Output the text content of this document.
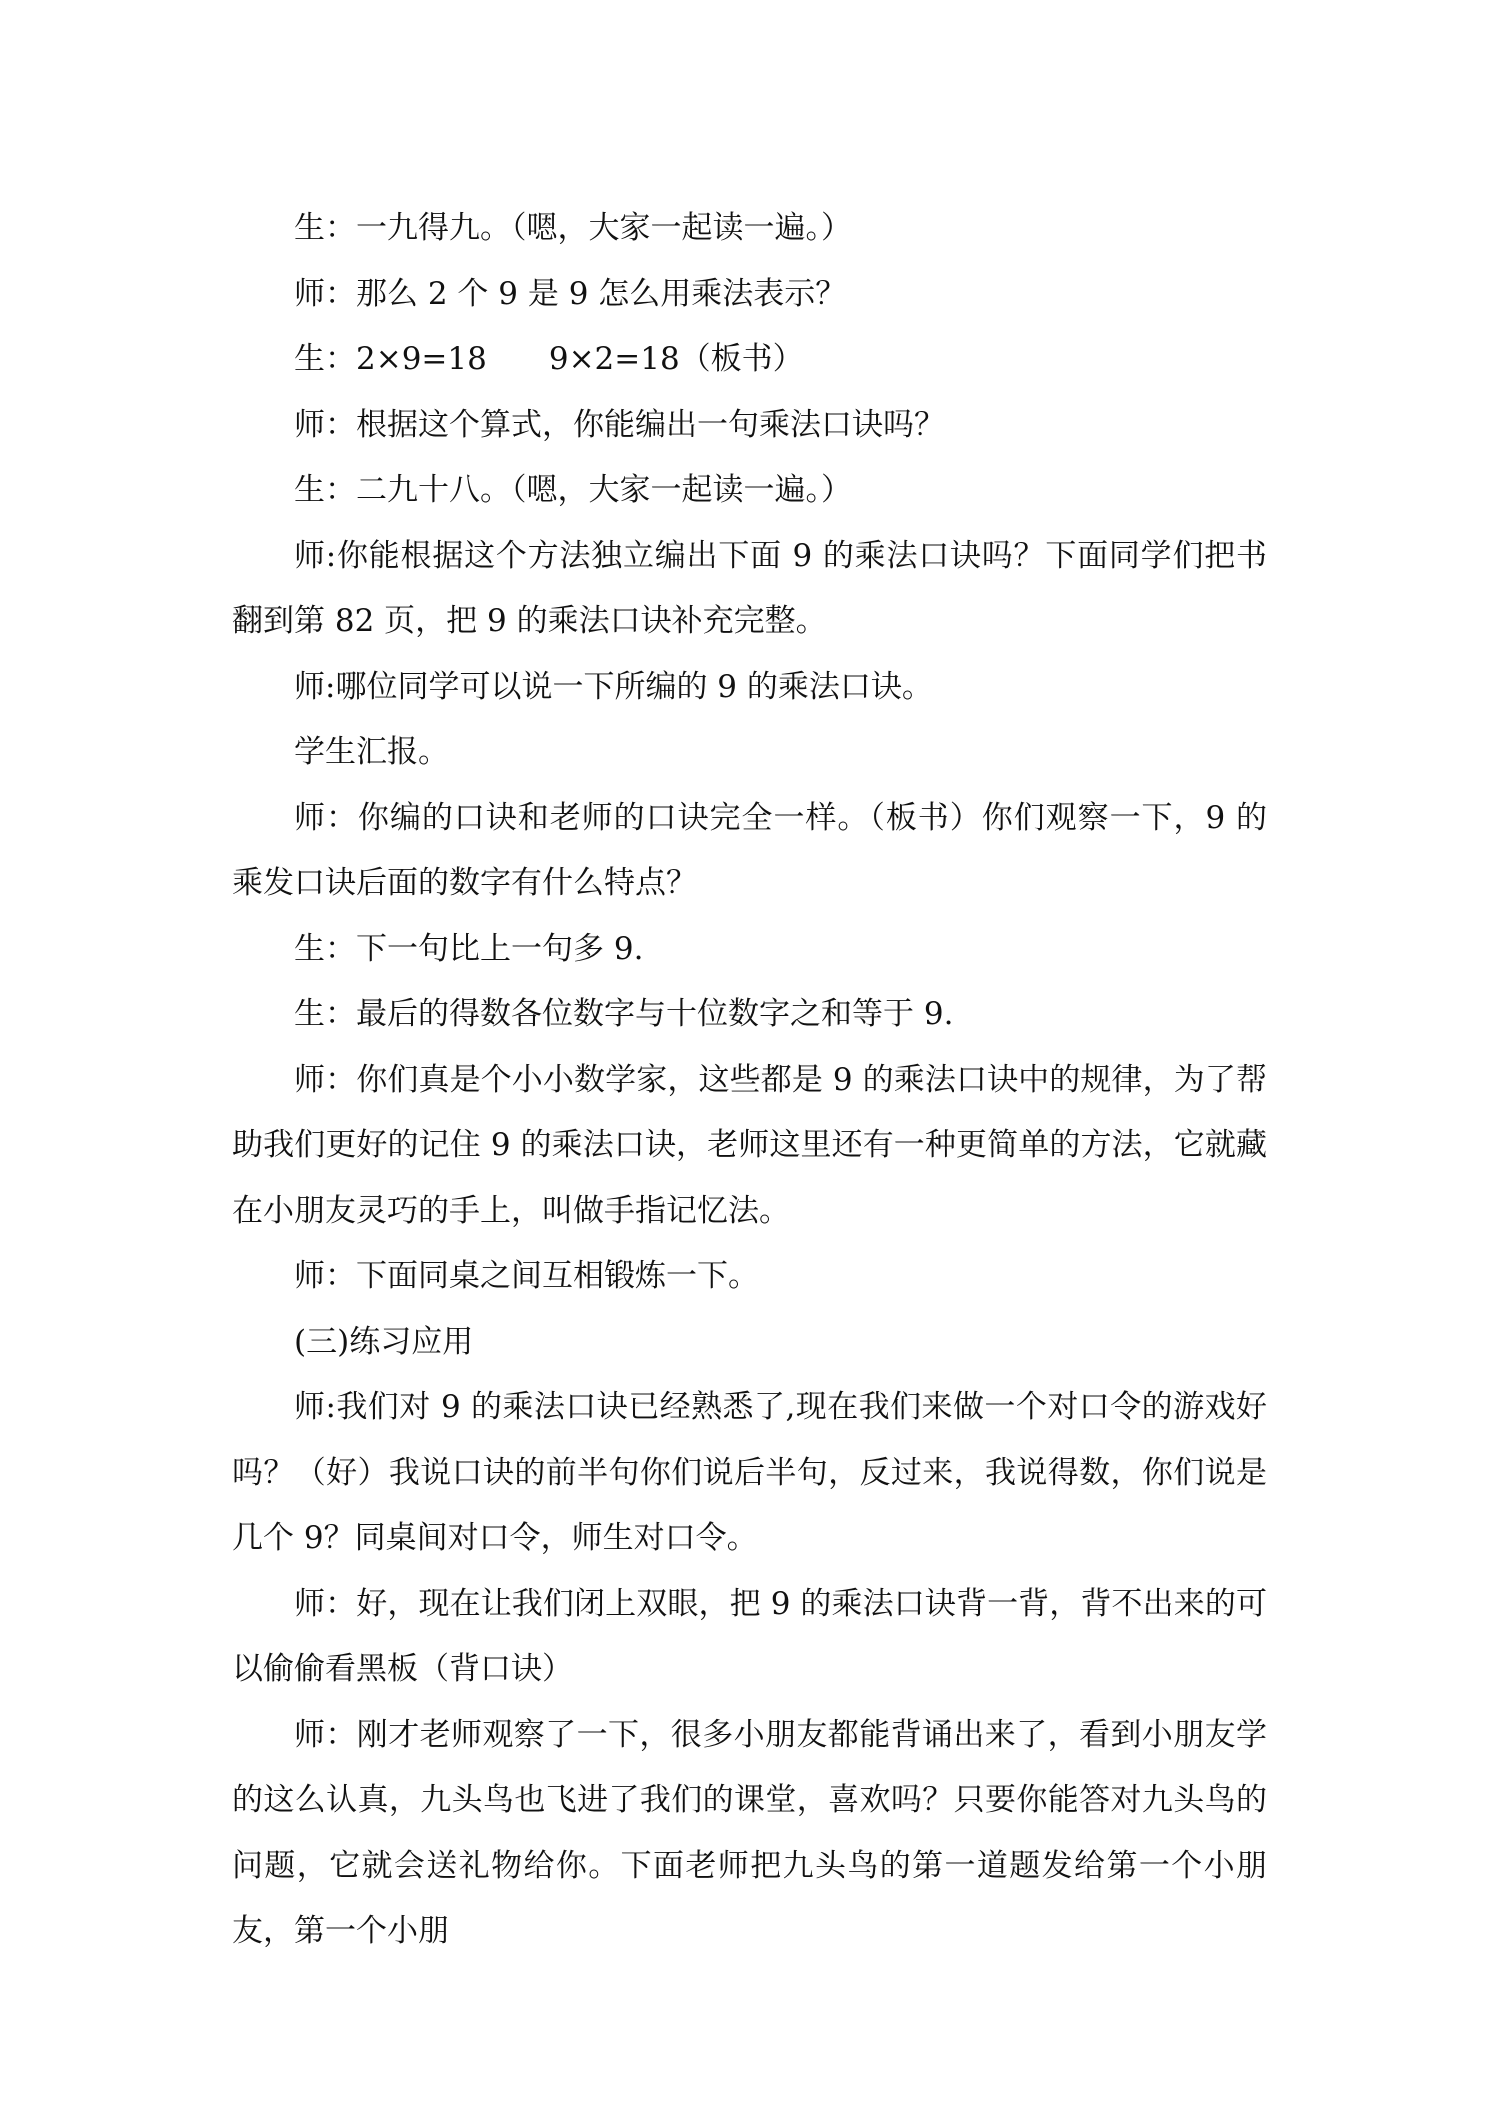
生：一九得九。（嗯，大家一起读一遍。）

师：那么 2 个 9 是 9 怎么用乘法表示？

生：2×9=18　　9×2=18（板书）

师：根据这个算式，你能编出一句乘法口诀吗？

生：二九十八。（嗯，大家一起读一遍。）

师:你能根据这个方法独立编出下面 9 的乘法口诀吗？下面同学们把书翻到第 82 页，把 9 的乘法口诀补充完整。

师:哪位同学可以说一下所编的 9 的乘法口诀。

学生汇报。

师：你编的口诀和老师的口诀完全一样。（板书）你们观察一下，9 的乘发口诀后面的数字有什么特点？

生：下一句比上一句多 9.

生：最后的得数各位数字与十位数字之和等于 9.

师：你们真是个小小数学家，这些都是 9 的乘法口诀中的规律，为了帮助我们更好的记住 9 的乘法口诀，老师这里还有一种更简单的方法，它就藏在小朋友灵巧的手上，叫做手指记忆法。

师：下面同桌之间互相锻炼一下。

(三)练习应用

师:我们对 9 的乘法口诀已经熟悉了,现在我们来做一个对口令的游戏好吗？（好）我说口诀的前半句你们说后半句，反过来，我说得数，你们说是几个 9？同桌间对口令，师生对口令。

师：好，现在让我们闭上双眼，把 9 的乘法口诀背一背，背不出来的可以偷偷看黑板（背口诀）

师：刚才老师观察了一下，很多小朋友都能背诵出来了，看到小朋友学的这么认真，九头鸟也飞进了我们的课堂，喜欢吗？只要你能答对九头鸟的问题，它就会送礼物给你。下面老师把九头鸟的第一道题发给第一个小朋友，第一个小朋
